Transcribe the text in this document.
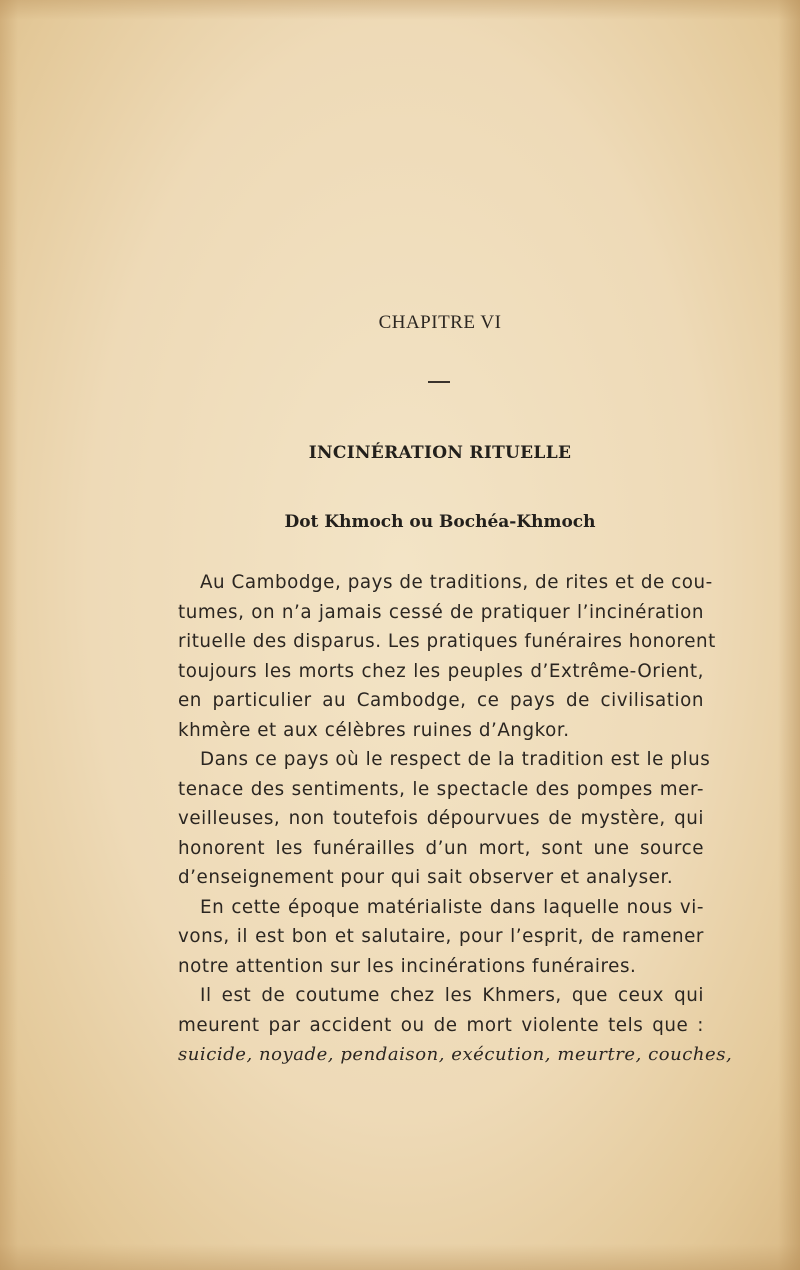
CHAPITRE VI
INCINÉRATION RITUELLE
Dot Khmoch ou Bochéa-Khmoch
Au Cambodge, pays de traditions, de rites et de cou-
tumes, on n’a jamais cessé de pratiquer l’incinération
rituelle des disparus. Les pratiques funéraires honorent
toujours les morts chez les peuples d’Extrême-Orient,
en particulier au Cambodge, ce pays de civilisation
khmère et aux célèbres ruines d’Angkor.
Dans ce pays où le respect de la tradition est le plus
tenace des sentiments, le spectacle des pompes mer-
veilleuses, non toutefois dépourvues de mystère, qui
honorent les funérailles d’un mort, sont une source
d’enseignement pour qui sait observer et analyser.
En cette époque matérialiste dans laquelle nous vi-
vons, il est bon et salutaire, pour l’esprit, de ramener
notre attention sur les incinérations funéraires.
Il est de coutume chez les Khmers, que ceux qui
meurent par accident ou de mort violente tels que :
suicide, noyade, pendaison, exécution, meurtre, couches,
